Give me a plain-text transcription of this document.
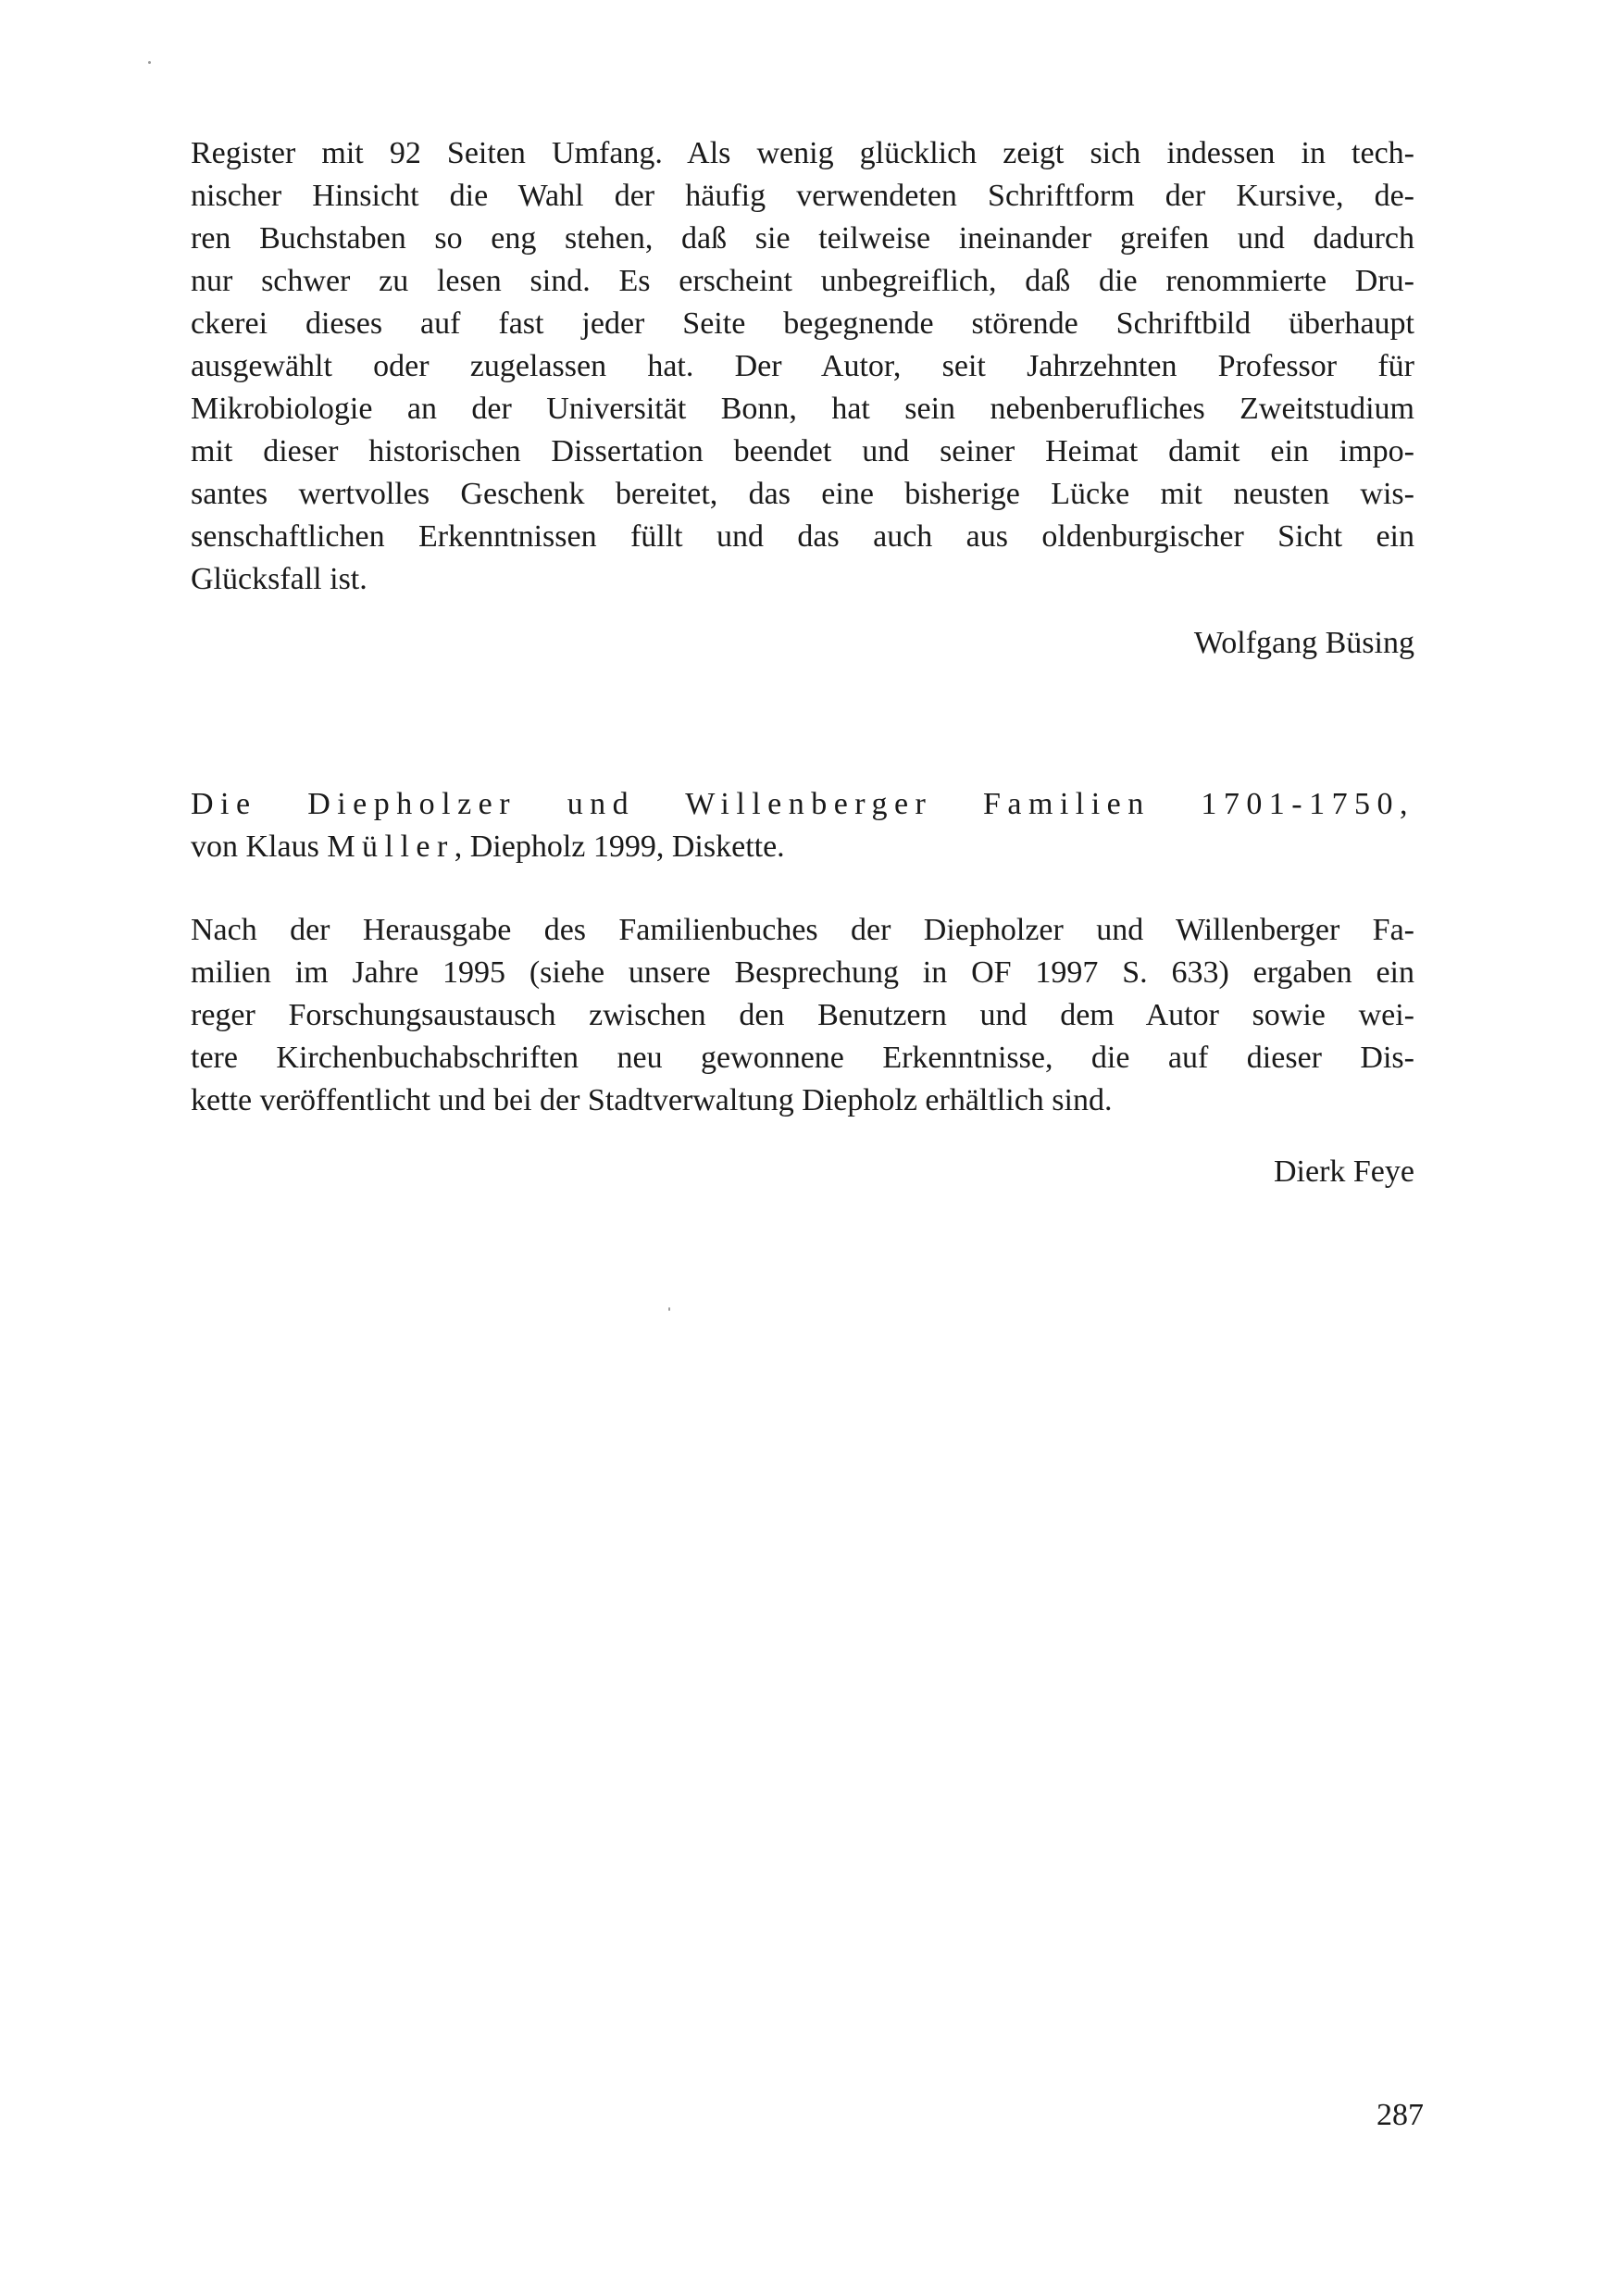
Register mit 92 Seiten Umfang. Als wenig glücklich zeigt sich indessen in tech-
nischer Hinsicht die Wahl der häufig verwendeten Schriftform der Kursive, de-
ren Buchstaben so eng stehen, daß sie teilweise ineinander greifen und dadurch
nur schwer zu lesen sind. Es erscheint unbegreiflich, daß die renommierte Dru-
ckerei dieses auf fast jeder Seite begegnende störende Schriftbild überhaupt
ausgewählt oder zugelassen hat. Der Autor, seit Jahrzehnten Professor für
Mikrobiologie an der Universität Bonn, hat sein nebenberufliches Zweitstudium
mit dieser historischen Dissertation beendet und seiner Heimat damit ein impo-
santes wertvolles Geschenk bereitet, das eine bisherige Lücke mit neusten wis-
senschaftlichen Erkenntnissen füllt und das auch aus oldenburgischer Sicht ein
Glücksfall ist.
Wolfgang Büsing
Die Diepholzer und Willenberger Familien 1701-1750,
von Klaus Müller, Diepholz 1999, Diskette.
Nach der Herausgabe des Familienbuches der Diepholzer und Willenberger Fa-
milien im Jahre 1995 (siehe unsere Besprechung in OF 1997 S. 633) ergaben ein
reger Forschungsaustausch zwischen den Benutzern und dem Autor sowie wei-
tere Kirchenbuchabschriften neu gewonnene Erkenntnisse, die auf dieser Dis-
kette veröffentlicht und bei der Stadtverwaltung Diepholz erhältlich sind.
Dierk Feye
287
